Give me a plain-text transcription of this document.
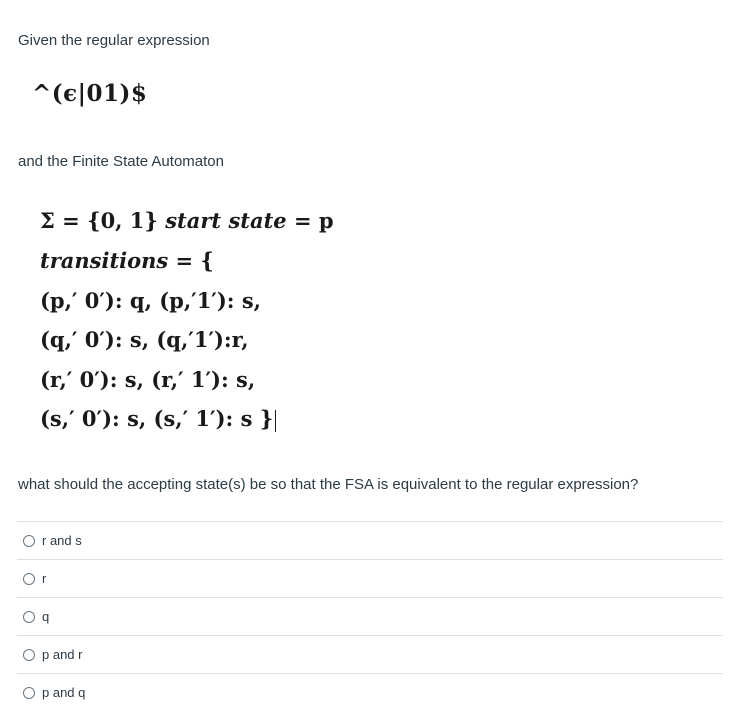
Given the regular expression
^(ϵ|01)$
and the Finite State Automaton
Σ = {0, 1} start state = p
transitions = {
(p,′ 0′): q, (p,′1′): s,
(q,′ 0′): s, (q,′1′):r,
(r,′ 0′): s, (r,′ 1′): s,
(s,′ 0′): s, (s,′ 1′): s }
what should the accepting state(s) be so that the FSA is equivalent to the regular expression?
r and s
r
q
p and r
p and q
